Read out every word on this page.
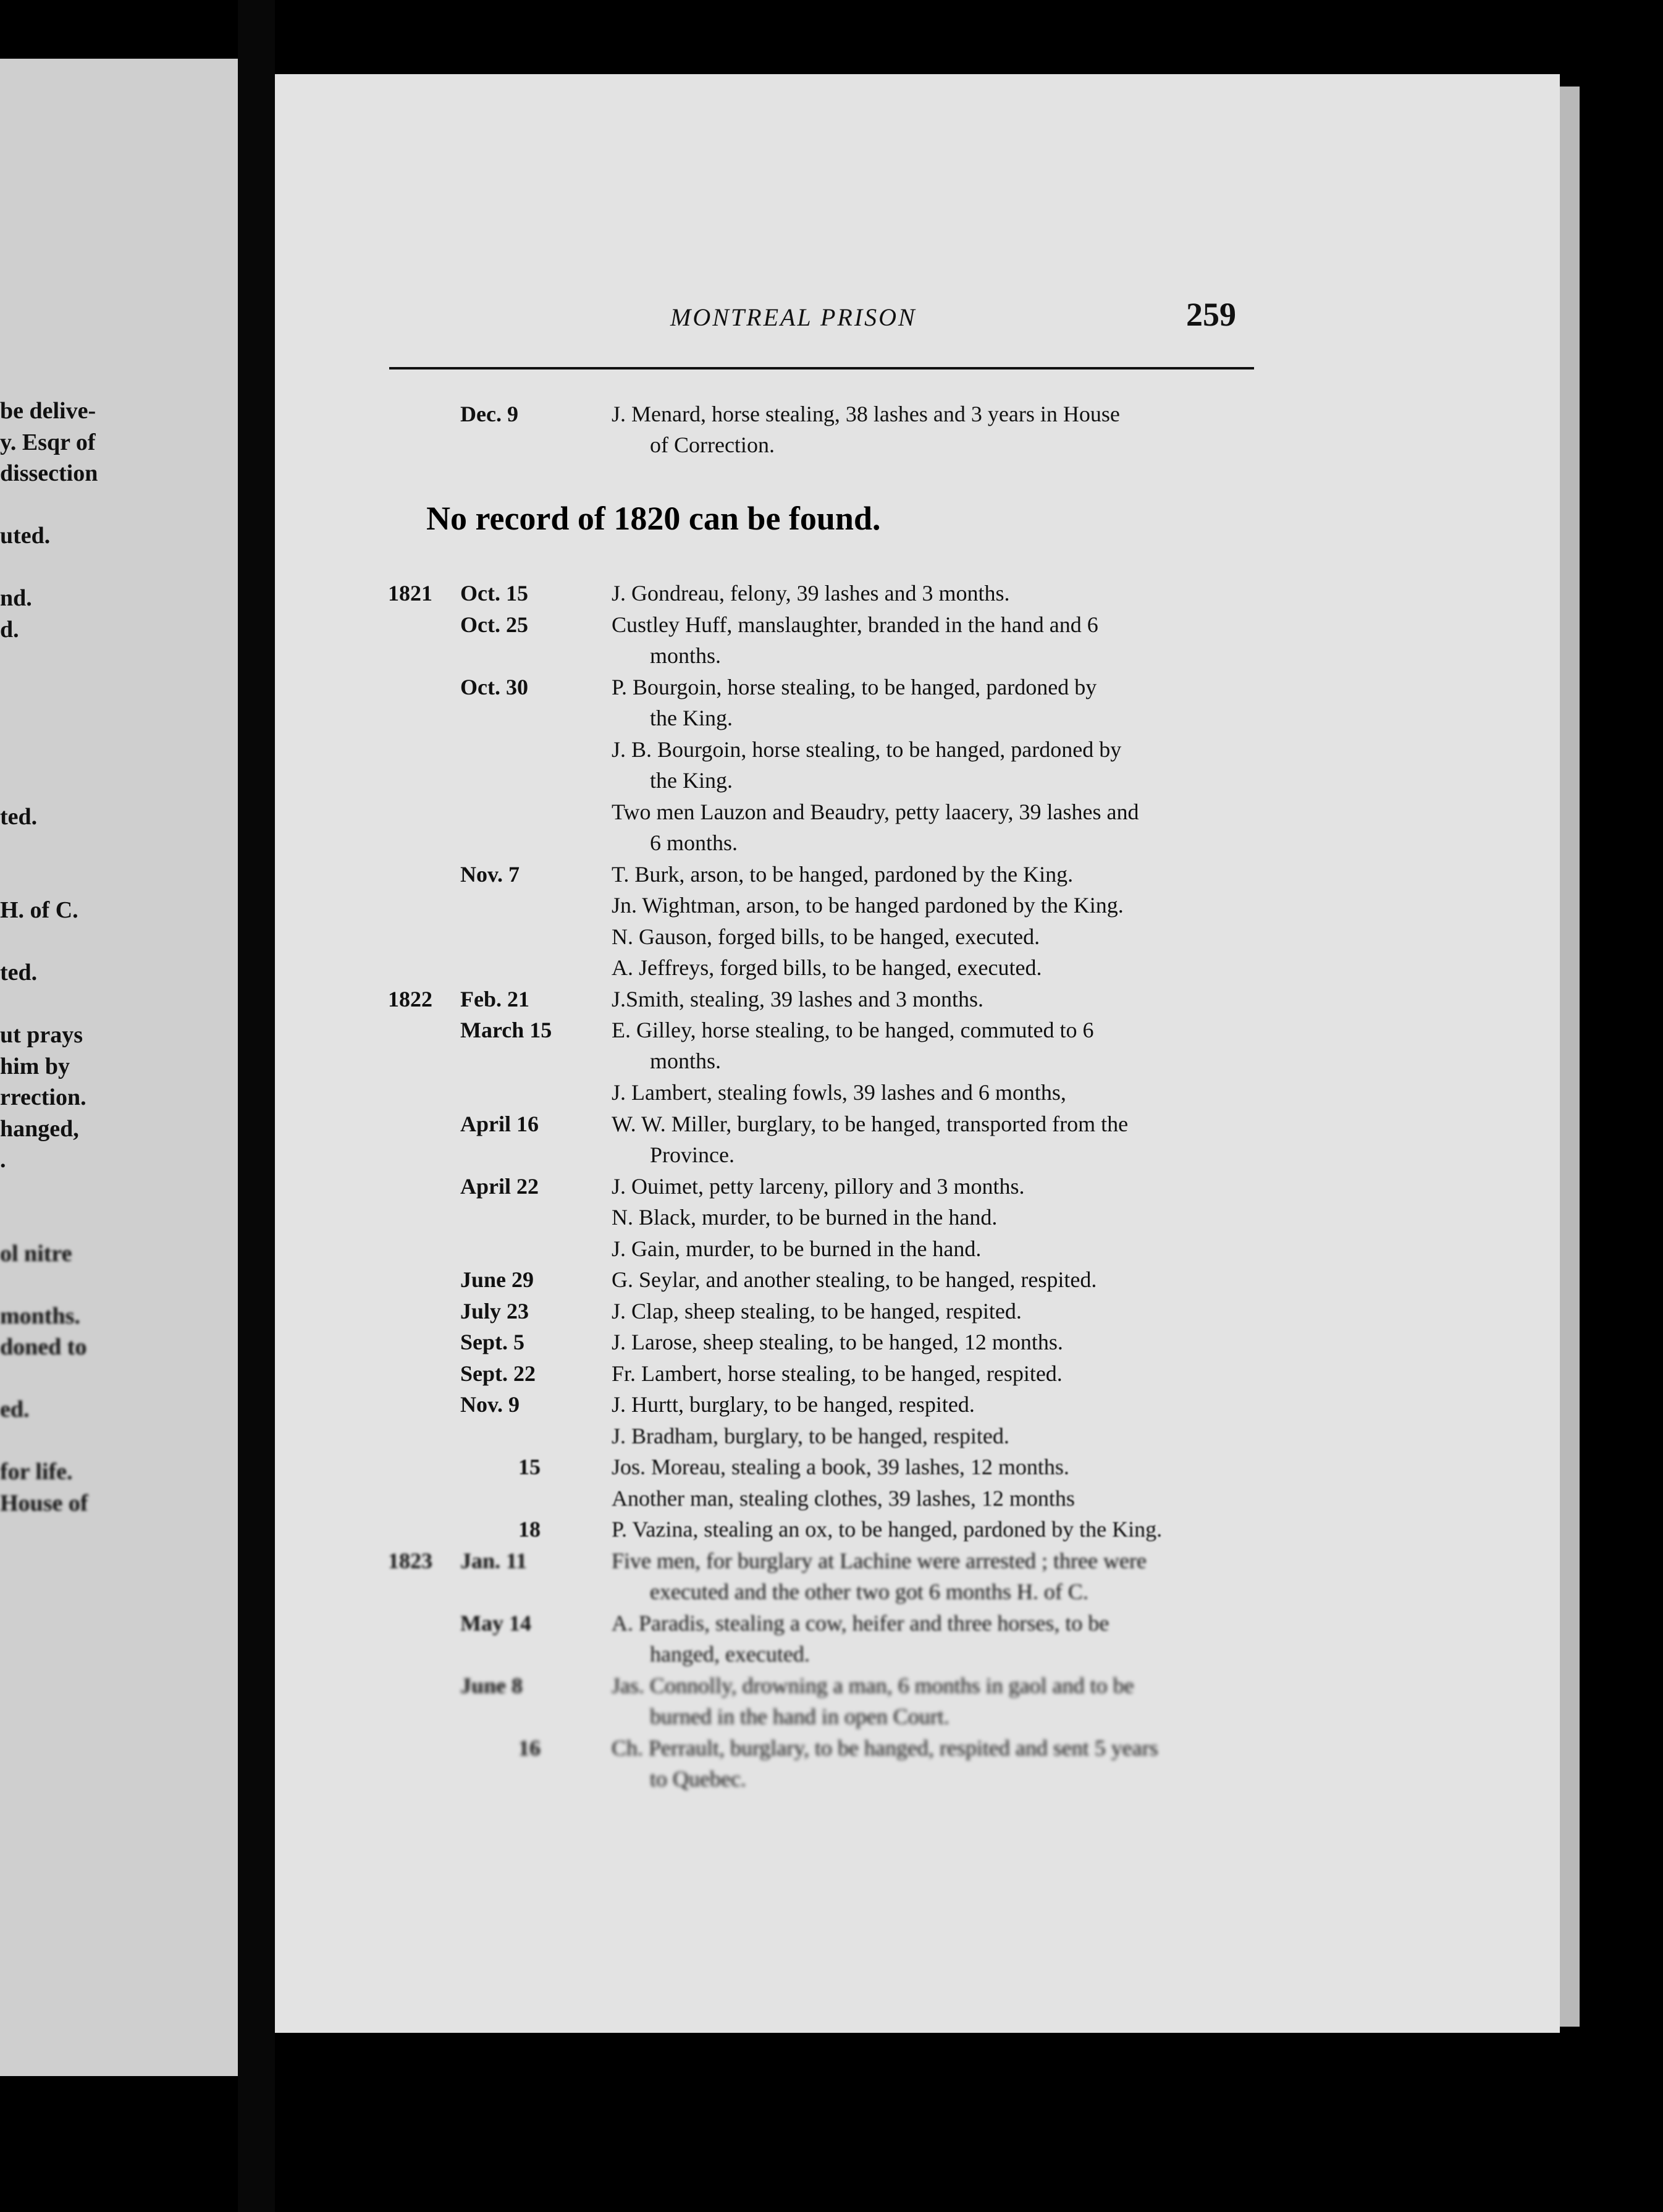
be delive-
y. Esqr of
dissection
uted.
nd.
d.
ted.
H. of C.
ted.
ut prays
him by
rrection.
hanged,
.
ol nitre
months.
doned to
ed.
for life.
House of
MONTREAL PRISON	259
No record of 1820 can be found.
Dec. 9	J. Menard, horse stealing, 38 lashes and 3 years in House
of Correction.
1821	Oct. 15	J. Gondreau, felony, 39 lashes and 3 months.
Oct. 25	Custley Huff, manslaughter, branded in the hand and 6
months.
Oct. 30	P. Bourgoin, horse stealing, to be hanged, pardoned by
the King.
J. B. Bourgoin, horse stealing, to be hanged, pardoned by
the King.
Two men Lauzon and Beaudry, petty laacery, 39 lashes and
6 months.
Nov. 7	T. Burk, arson, to be hanged, pardoned by the King.
Jn. Wightman, arson, to be hanged pardoned by the King.
N. Gauson, forged bills, to be hanged, executed.
A. Jeffreys, forged bills, to be hanged, executed.
1822	Feb. 21	J.Smith, stealing, 39 lashes and 3 months.
March 15	E. Gilley, horse stealing, to be hanged, commuted to 6
months.
J. Lambert, stealing fowls, 39 lashes and 6 months,
April 16	W. W. Miller, burglary, to be hanged, transported from the
Province.
April 22	J. Ouimet, petty larceny, pillory and 3 months.
N. Black, murder, to be burned in the hand.
J. Gain, murder, to be burned in the hand.
June 29	G. Seylar, and another stealing, to be hanged, respited.
July 23	J. Clap, sheep stealing, to be hanged, respited.
Sept. 5	J. Larose, sheep stealing, to be hanged, 12 months.
Sept. 22	Fr. Lambert, horse stealing, to be hanged, respited.
Nov. 9	J. Hurtt, burglary, to be hanged, respited.
J. Bradham, burglary, to be hanged, respited.
15	Jos. Moreau, stealing a book, 39 lashes, 12 months.
Another man, stealing clothes, 39 lashes, 12 months
18	P. Vazina, stealing an ox, to be hanged, pardoned by the King.
1823	Jan. 11	Five men, for burglary at Lachine were arrested ; three were
executed and the other two got 6 months H. of C.
May 14	A. Paradis, stealing a cow, heifer and three horses, to be
hanged, executed.
June 8	Jas. Connolly, drowning a man, 6 months in gaol and to be
burned in the hand in open Court.
16	Ch. Perrault, burglary, to be hanged, respited and sent 5 years
to Quebec.
